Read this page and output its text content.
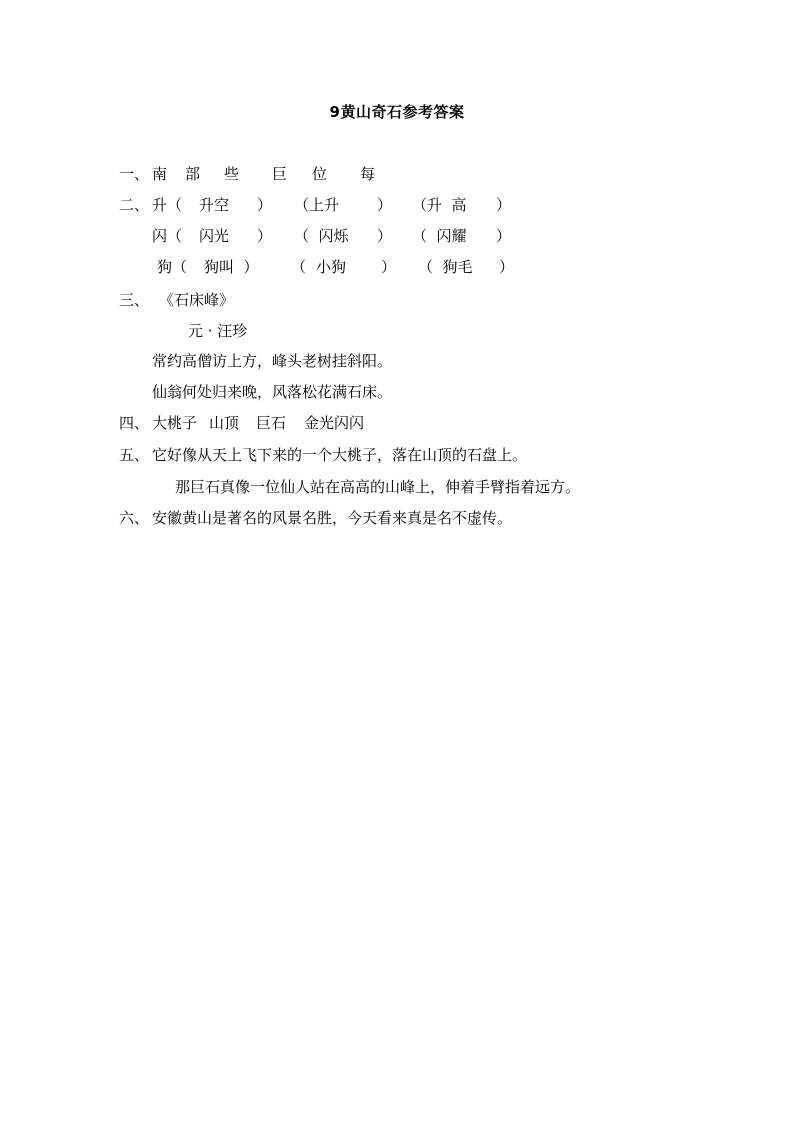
9黄山奇石参考答案
一、 南 部 些 巨 位 每
二、 升（ 升空 ） （上升	） （升  高 ）
闪（ 闪光 ） （  闪烁 ） （  闪耀 ）
狗（ 狗叫  ） （ 小狗 ） （  狗毛 ）
三、 《石床峰》
元 · 汪珍
常约高僧访上方，峰头老树挂斜阳。
仙翁何处归来晚，风落松花满石床。
四、 大桃子 山顶 巨石 金光闪闪
五、 它好像从天上飞下来的一个大桃子，落在山顶的石盘上。
那巨石真像一位仙人站在高高的山峰上，伸着手臂指着远方。
六、 安徽黄山是著名的风景名胜，今天看来真是名不虚传。
